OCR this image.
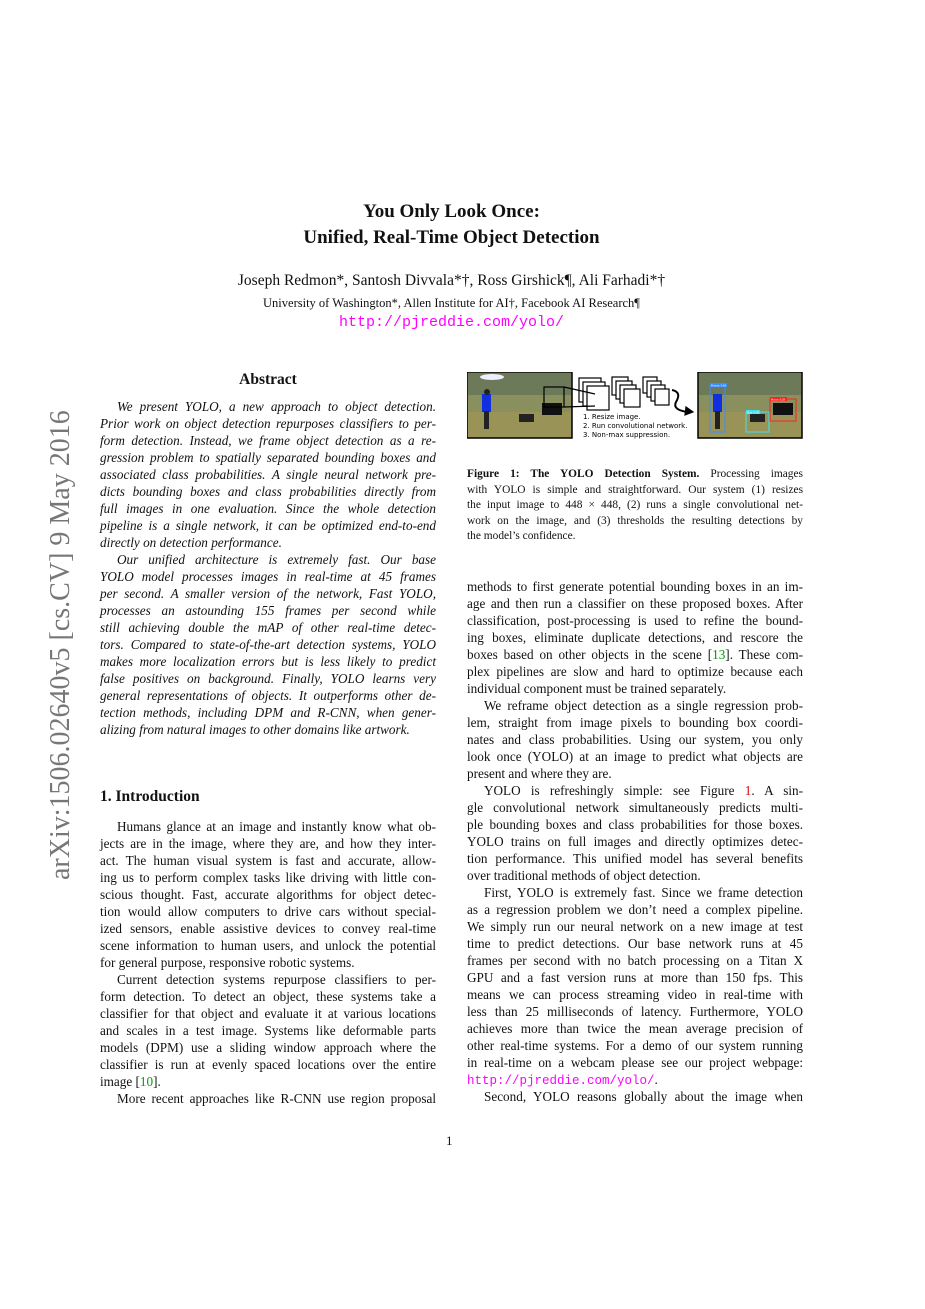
arXiv:1506.02640v5 [cs.CV] 9 May 2016
You Only Look Once:
Unified, Real-Time Object Detection
Joseph Redmon*, Santosh Divvala*†, Ross Girshick¶, Ali Farhadi*†
University of Washington*, Allen Institute for AI†, Facebook AI Research¶
http://pjreddie.com/yolo/
Abstract
We present YOLO, a new approach to object detection.
Prior work on object detection repurposes classifiers to per-
form detection. Instead, we frame object detection as a re-
gression problem to spatially separated bounding boxes and
associated class probabilities. A single neural network pre-
dicts bounding boxes and class probabilities directly from
full images in one evaluation. Since the whole detection
pipeline is a single network, it can be optimized end-to-end
directly on detection performance.
Our unified architecture is extremely fast. Our base
YOLO model processes images in real-time at 45 frames
per second. A smaller version of the network, Fast YOLO,
processes an astounding 155 frames per second while
still achieving double the mAP of other real-time detec-
tors. Compared to state-of-the-art detection systems, YOLO
makes more localization errors but is less likely to predict
false positives on background. Finally, YOLO learns very
general representations of objects. It outperforms other de-
tection methods, including DPM and R-CNN, when gener-
alizing from natural images to other domains like artwork.
1. Introduction
Humans glance at an image and instantly know what ob-
jects are in the image, where they are, and how they inter-
act. The human visual system is fast and accurate, allow-
ing us to perform complex tasks like driving with little con-
scious thought. Fast, accurate algorithms for object detec-
tion would allow computers to drive cars without special-
ized sensors, enable assistive devices to convey real-time
scene information to human users, and unlock the potential
for general purpose, responsive robotic systems.
Current detection systems repurpose classifiers to per-
form detection. To detect an object, these systems take a
classifier for that object and evaluate it at various locations
and scales in a test image. Systems like deformable parts
models (DPM) use a sliding window approach where the
classifier is run at evenly spaced locations over the entire
image [10].
More recent approaches like R-CNN use region proposal
methods to first generate potential bounding boxes in an im-
age and then run a classifier on these proposed boxes. After
classification, post-processing is used to refine the bound-
ing boxes, eliminate duplicate detections, and rescore the
boxes based on other objects in the scene [13]. These com-
plex pipelines are slow and hard to optimize because each
individual component must be trained separately.
We reframe object detection as a single regression prob-
lem, straight from image pixels to bounding box coordi-
nates and class probabilities. Using our system, you only
look once (YOLO) at an image to predict what objects are
present and where they are.
YOLO is refreshingly simple: see Figure 1. A sin-
gle convolutional network simultaneously predicts multi-
ple bounding boxes and class probabilities for those boxes.
YOLO trains on full images and directly optimizes detec-
tion performance. This unified model has several benefits
over traditional methods of object detection.
First, YOLO is extremely fast. Since we frame detection
as a regression problem we don’t need a complex pipeline.
We simply run our neural network on a new image at test
time to predict detections. Our base network runs at 45
frames per second with no batch processing on a Titan X
GPU and a fast version runs at more than 150 fps. This
means we can process streaming video in real-time with
less than 25 milliseconds of latency. Furthermore, YOLO
achieves more than twice the mean average precision of
other real-time systems. For a demo of our system running
in real-time on a webcam please see our project webpage:
http://pjreddie.com/yolo/.
Second, YOLO reasons globally about the image when
1. Resize image.
2. Run convolutional network.
3. Non-max suppression.
Person: 0.64
Horse: 0.28
Dog: 0.30
Figure 1: The YOLO Detection System. Processing images
with YOLO is simple and straightforward. Our system (1) resizes
the input image to 448 × 448, (2) runs a single convolutional net-
work on the image, and (3) thresholds the resulting detections by
the model’s confidence.
1
